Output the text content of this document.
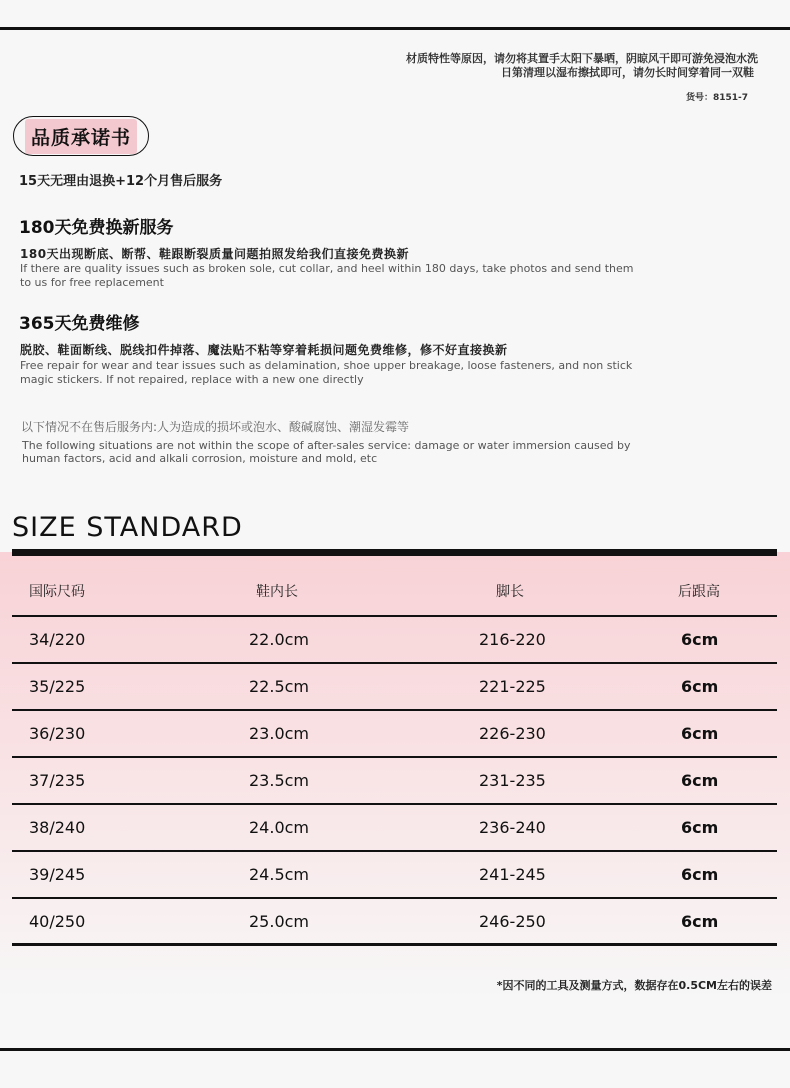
材质特性等原因，请勿将其置手太阳下暴晒，阴晾风干即可游免浸泡水洗
日第清理以湿布擦拭即可，请勿长时间穿着同一双鞋
货号：8151-7
品质承诺书
15天无理由退换+12个月售后服务
180天免费换新服务
180天出现断底、断帮、鞋跟断裂质量问题拍照发给我们直接免费换新
If there are quality issues such as broken sole, cut collar, and heel within 180 days, take photos and send them to us for free replacement
365天免费维修
脱胶、鞋面断线、脱线扣件掉落、魔法贴不粘等穿着耗损问题免费维修，修不好直接换新
Free repair for wear and tear issues such as delamination, shoe upper breakage, loose fasteners, and non stick magic stickers. If not repaired, replace with a new one directly
以下情况不在售后服务内:人为造成的损坏或泡水、酸碱腐蚀、潮湿发霉等
The following situations are not within the scope of after-sales service: damage or water immersion caused by human factors, acid and alkali corrosion, moisture and mold, etc
SIZE STANDARD
国际尺码	鞋内长	脚长	后跟高
34/220	22.0cm	216-220	6cm
35/225	22.5cm	221-225	6cm
36/230	23.0cm	226-230	6cm
37/235	23.5cm	231-235	6cm
38/240	24.0cm	236-240	6cm
39/245	24.5cm	241-245	6cm
40/250	25.0cm	246-250	6cm
*因不同的工具及测量方式，数据存在0.5CM左右的误差
